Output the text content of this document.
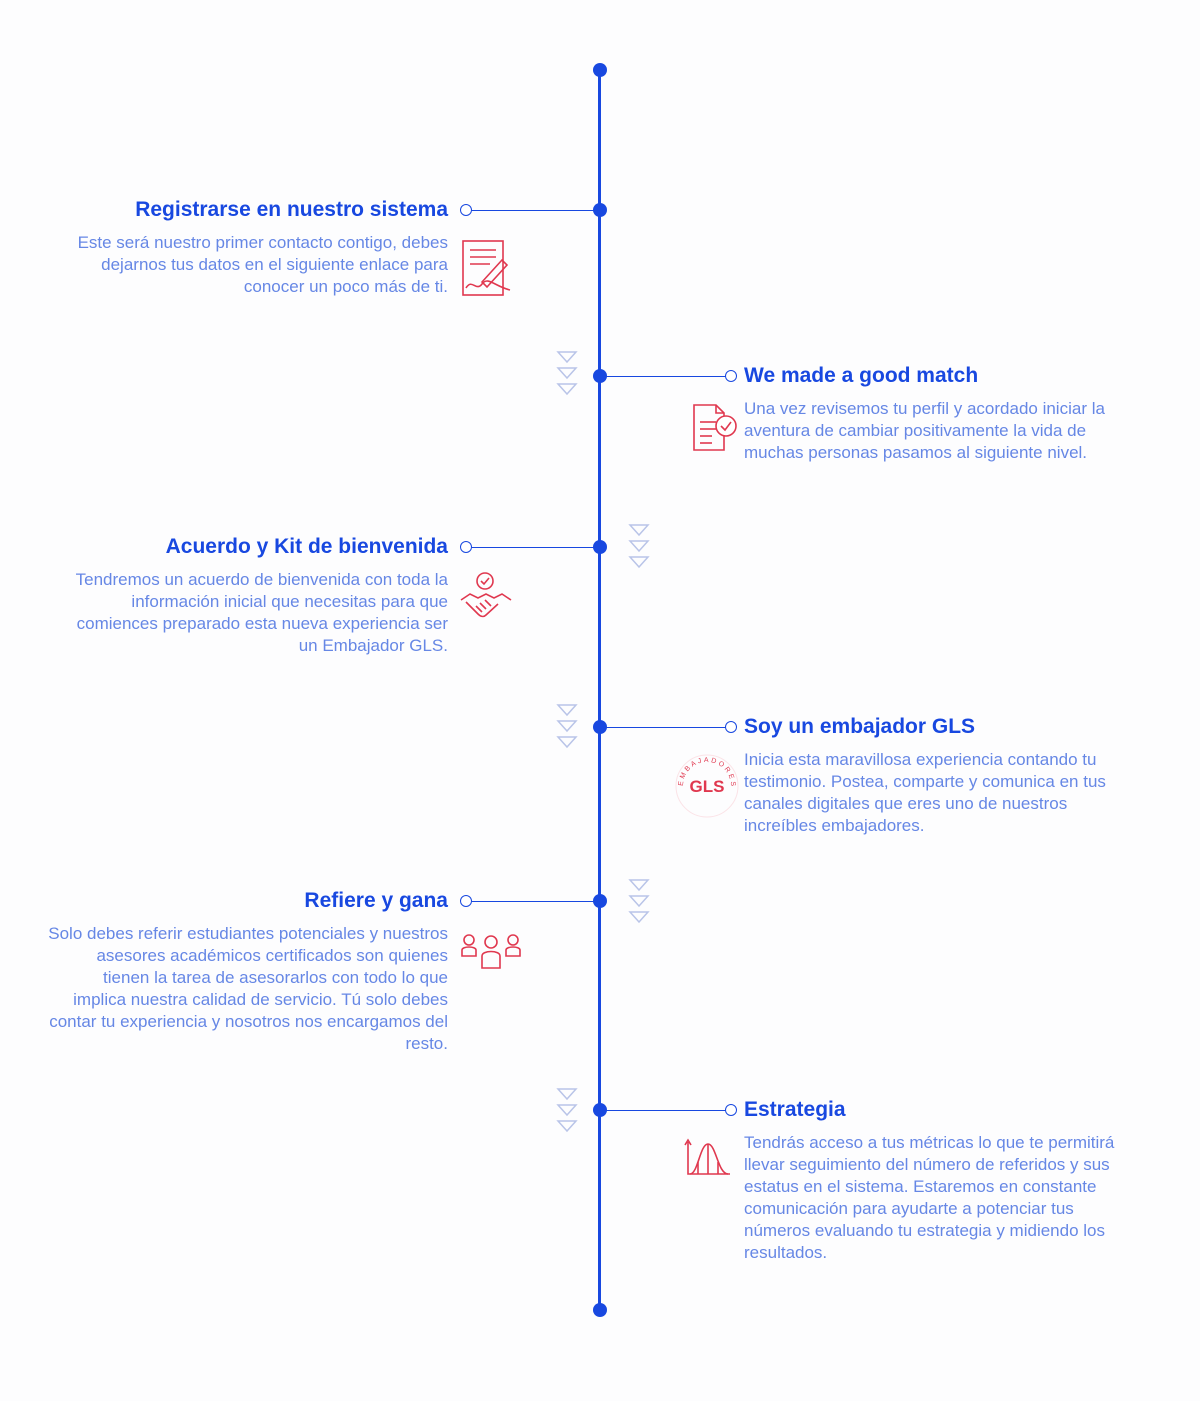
Registrarse en nuestro sistema
Este será nuestro primer contacto contigo, debes dejarnos tus datos en el siguiente enlace para conocer un poco más de ti.
We made a good match
Una vez revisemos tu perfil y acordado iniciar la aventura de cambiar positivamente la vida de muchas personas pasamos al siguiente nivel.
Acuerdo y Kit de bienvenida
Tendremos un acuerdo de bienvenida con toda la información inicial que necesitas para que comiences preparado esta nueva experiencia ser un Embajador GLS.
Soy un embajador GLS
Inicia esta maravillosa experiencia contando tu testimonio. Postea, comparte y comunica en tus canales digitales que eres uno de nuestros increíbles embajadores.
EMBAJADORES
GLS
Refiere y gana
Solo debes referir estudiantes potenciales y nuestros asesores académicos certificados son quienes tienen la tarea de asesorarlos con todo lo que implica nuestra calidad de servicio. Tú solo debes contar tu experiencia y nosotros nos encargamos del resto.
Estrategia
Tendrás acceso a tus métricas lo que te permitirá llevar seguimiento del número de referidos y sus estatus en el sistema. Estaremos en constante comunicación para ayudarte a potenciar tus números evaluando tu estrategia y midiendo los resultados.
